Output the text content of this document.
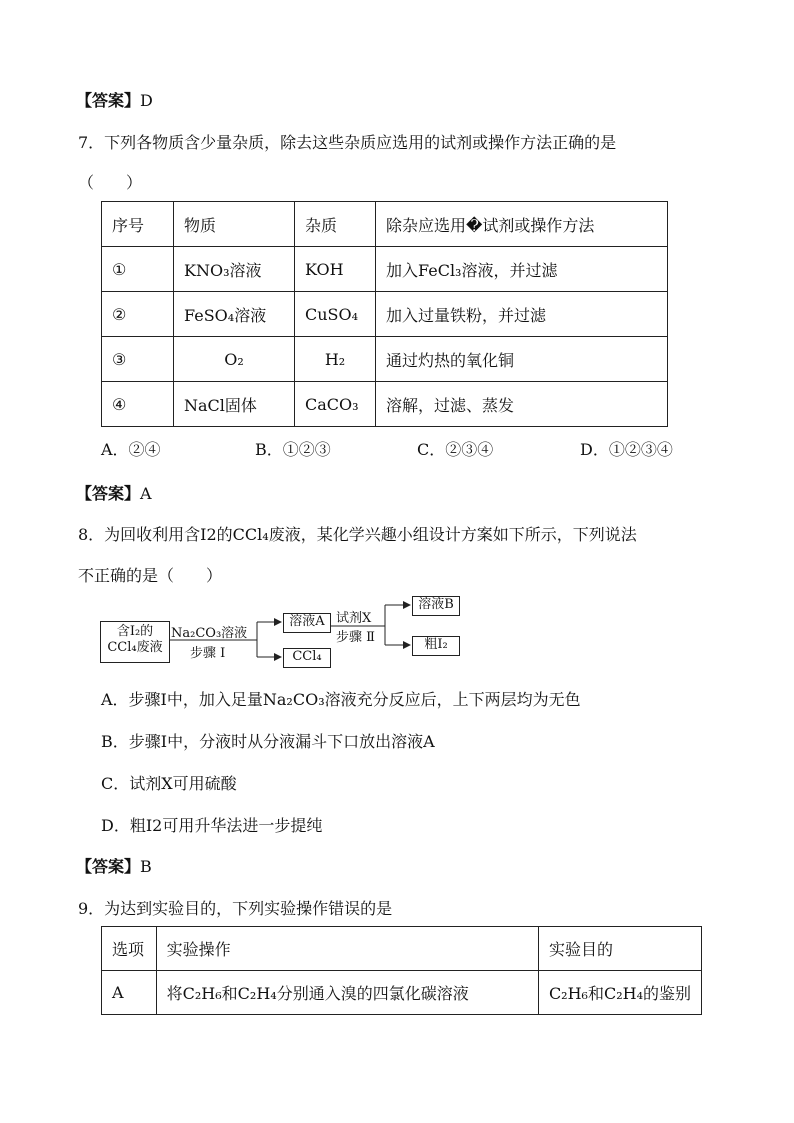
【答案】D
7．下列各物质含少量杂质，除去这些杂质应选用的试剂或操作方法正确的是
（　　）
序号	物质	杂质	除杂应选用�试剂或操作方法
①	KNO₃溶液	KOH	加入FeCl₃溶液，并过滤
②	FeSO₄溶液	CuSO₄	加入过量铁粉，并过滤
③	O₂	H₂	通过灼热的氧化铜
④	NaCl固体	CaCO₃	溶解，过滤、蒸发
A．②④	B．①②③	C．②③④	D．①②③④
【答案】A
8．为回收利用含I2的CCl₄废液，某化学兴趣小组设计方案如下所示，下列说法
不正确的是（　　）
含I₂的
CCl₄废液
Na₂CO₃溶液
步骤 Ⅰ
溶液A
CCl₄
试剂X
步骤 Ⅱ
溶液B
粗I₂
A．步骤Ⅰ中，加入足量Na₂CO₃溶液充分反应后，上下两层均为无色
B．步骤Ⅰ中，分液时从分液漏斗下口放出溶液A
C．试剂X可用硫酸
D．粗I2可用升华法进一步提纯
【答案】B
9．为达到实验目的，下列实验操作错误的是
选项	实验操作	实验目的
A	将C₂H₆和C₂H₄分别通入溴的四氯化碳溶液	C₂H₆和C₂H₄的鉴别
